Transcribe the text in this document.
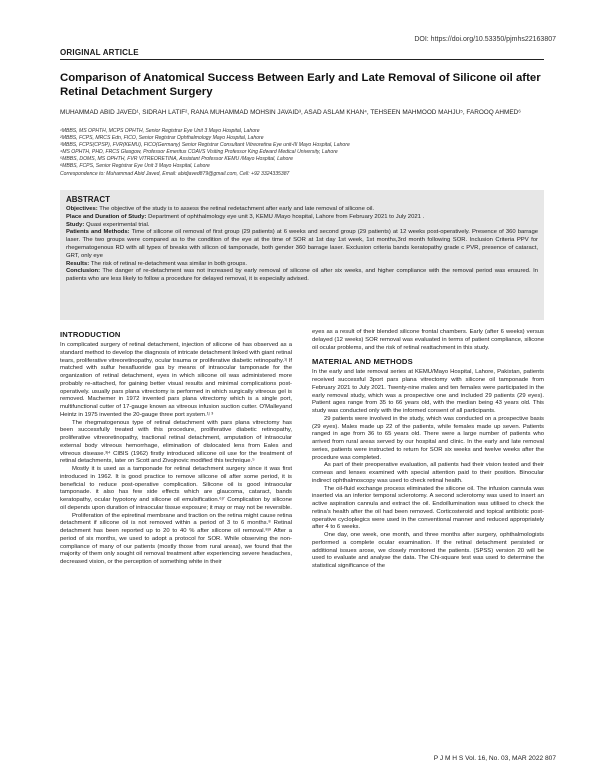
DOI: https://doi.org/10.53350/pjmhs22163807
ORIGINAL ARTICLE
Comparison of Anatomical Success Between Early and Late Removal of Silicone oil after Retinal Detachment Surgery
MUHAMMAD ABID JAVED¹, SIDRAH LATIF², RANA MUHAMMAD MOHSIN JAVAID³, ASAD ASLAM KHAN⁴, TEHSEEN MAHMOOD MAHJU⁵, FAROOQ AHMED⁶
¹MBBS, MS OPHTH, MCPS OPHTH, Senior Registrar Eye Unit 3 Mayo Hospital, Lahore
²MBBS, FCPS, MRCS Edn, FICO, Senior Registrar Ophthalmology Mayo Hospital, Lahore
³MBBS, FCPS(CPSP), FVR(KEMU), FICO(Germany) Senior Registrar Consultant Vitreoretina Eye unit-III Mayo Hospital, Lahore
⁴MS OPHTH, PHD, FRCS Glasgow, Professor Emeritus COAVS Visiting Professor King Edward Medical University, Lahore
⁵MBBS, DOMS, MS OPHTH, FVR VITREORETINA, Assistant Professor KEMU /Mayo Hospital, Lahore
⁶MBBS, FCPS, Senior Registrar Eye Unit 3 Mayo Hospital, Lahore
Correspondence to: Muhammad Abid Javed, Email: abidjaved879@gmail.com, Cell: +92 3324335387
ABSTRACT

Objectives: The objective of the study is to assess the retinal redetachment after early and late removal of silicone oil.

Place and Duration of Study: Department of ophthalmology eye unit 3, KEMU /Mayo hospital, Lahore from February 2021 to July 2021 .

Study: Quasi experimental trial.

Patients and Methods: Time of silicone oil removal of first group (29 patients) at 6 weeks and second group (29 patients) at 12 weeks post-operatively. Presence of 360 barrage laser. The two groups were compared as to the condition of the eye at the time of SOR at 1st day 1st week, 1st months,3rd month following SOR. Inclusion Criteria PPV for rhegematogenous RD with all types of breaks with silicon oil tamponade, both gender 360 barrage laser. Exclusion criteria bands keratopathy grade c PVR, presence of cataract, GRT, only eye

Results: The risk of retinal re-detachment was similar in both groups.

Conclusion: The danger of re-detachment was not increased by early removal of silicone oil after six weeks, and higher compliance with the removal period was ensured. In patients who are less likely to follow a procedure for delayed removal, it is especially advised.

INTRODUCTION

In complicated surgery of retinal detachment, injection of silicone oil has observed as a standard method to develop the diagnosis of intricate detachment linked with giant retinal tears, proliferative vitreoretinopathy, ocular trauma or proliferative diabetic retinopathy.¹ʲ If matched with sulfur hexafluoride gas by means of intraocular tamponade for the organization of retinal detachment, eyes in which silicone oil was administered more probably re-attached, for gaining better visual results and minimal complications post-operatively. usually pars plana vitrectomy is performed in which surgically vitreous gel is removed. Machemer in 1972 invented pars plana vitrectomy which is a single port, multifunctional cutter of 17-gauge known as vitreous infusion suction cutter. O'Malleyand Heintz in 1975 invented the 20-gauge three port system.¹ʲ ³

The rhegmatogenous type of retinal detachment with pars plana vitrectomy has been successfully treated with this procedure, proliferative diabetic retinopathy, proliferative vitreoretinopathy, tractional retinal detachment, amputation of intraocular external body vitreous hemorrhage, elimination of dislocated lens from Eales and vitreous disease.³ʲ⁴ CIBIS (1962) firstly introduced silicone oil use for the treatment of retinal detachments, later on Scott and Zivojnovic modified this technique.⁵

Mostly it is used as a tamponade for retinal detachment surgery since it was first introduced in 1962. It is good practice to remove silicone oil after some period, it is beneficial to reduce post-operative complication. Silicone oil is good intraocular tamponade. it also has few side effects which are glaucoma, cataract, bands keratopathy, ocular hypotony and silicone oil emulsification.⁶ʲ⁷ Complication by silicone oil depends upon duration of intraocular tissue exposure; it may or may not be reversible.

Proliferation of the epiretinal membrane and traction on the retina might cause retina detachment if silicone oil is not removed within a period of 3 to 6 months.⁸ Retinal detachment has been reported up to 20 to 40 % after silicone oil removal.⁸ʲ⁹ After a period of six months, we used to adopt a protocol for SOR. While observing the non-compliance of many of our patients (mostly those from rural areas), we found that the majority of them only sought oil removal treatment after experiencing severe headaches, decreased vision, or the perception of something white in their

eyes as a result of their blended silicone frontal chambers. Early (after 6 weeks) versus delayed (12 weeks) SOR removal was evaluated in terms of patient compliance, silicone oil ocular problems, and the risk of retinal reattachment in this study.

MATERIAL AND METHODS

In the early and late removal series at KEMU/Mayo Hospital, Lahore, Pakistan, patients received successful 3port pars plana vitrectomy with silicone oil tamponade from February 2021 to July 2021. Twenty-nine males and ten females were participated in the early removal study, which was a prospective one and included 29 patients (29 eyes). Patient ages range from 35 to 66 years old, with the median being 43 years old. This study was conducted only with the informed consent of all participants.

29 patients were involved in the study, which was conducted on a prospective basis (29 eyes). Males made up 22 of the patients, while females made up seven. Patients ranged in age from 36 to 65 years old. There were a large number of patients who arrived from rural areas served by our hospital and clinic. In the early and late removal series, patients were instructed to return for SOR six weeks and twelve weeks after the procedure was completed.

As part of their preoperative evaluation, all patients had their vision tested and their corneas and lenses examined with special attention paid to their position. Binocular indirect ophthalmoscopy was used to check retinal health.

The oil-fluid exchange process eliminated the silicone oil. The infusion cannula was inserted via an inferior temporal sclerotomy. A second sclerotomy was used to insert an active aspiration cannula and extract the oil. Endoillumination was utilised to check the retina's health after the oil had been removed. Corticosteroid and topical antibiotic post-operative cycloplegics were used in the conventional manner and reduced appropriately after 4 to 6 weeks.

One day, one week, one month, and three months after surgery, ophthalmologists performed a complete ocular examination. If the retinal detachment persisted or additional issues arose, we closely monitored the patients. (SPSS) version 20 will be used to evaluate and analyse the data. The Chi-square test was used to determine the statistical significance of the

P J M H S Vol. 16, No. 03, MAR 2022 807
